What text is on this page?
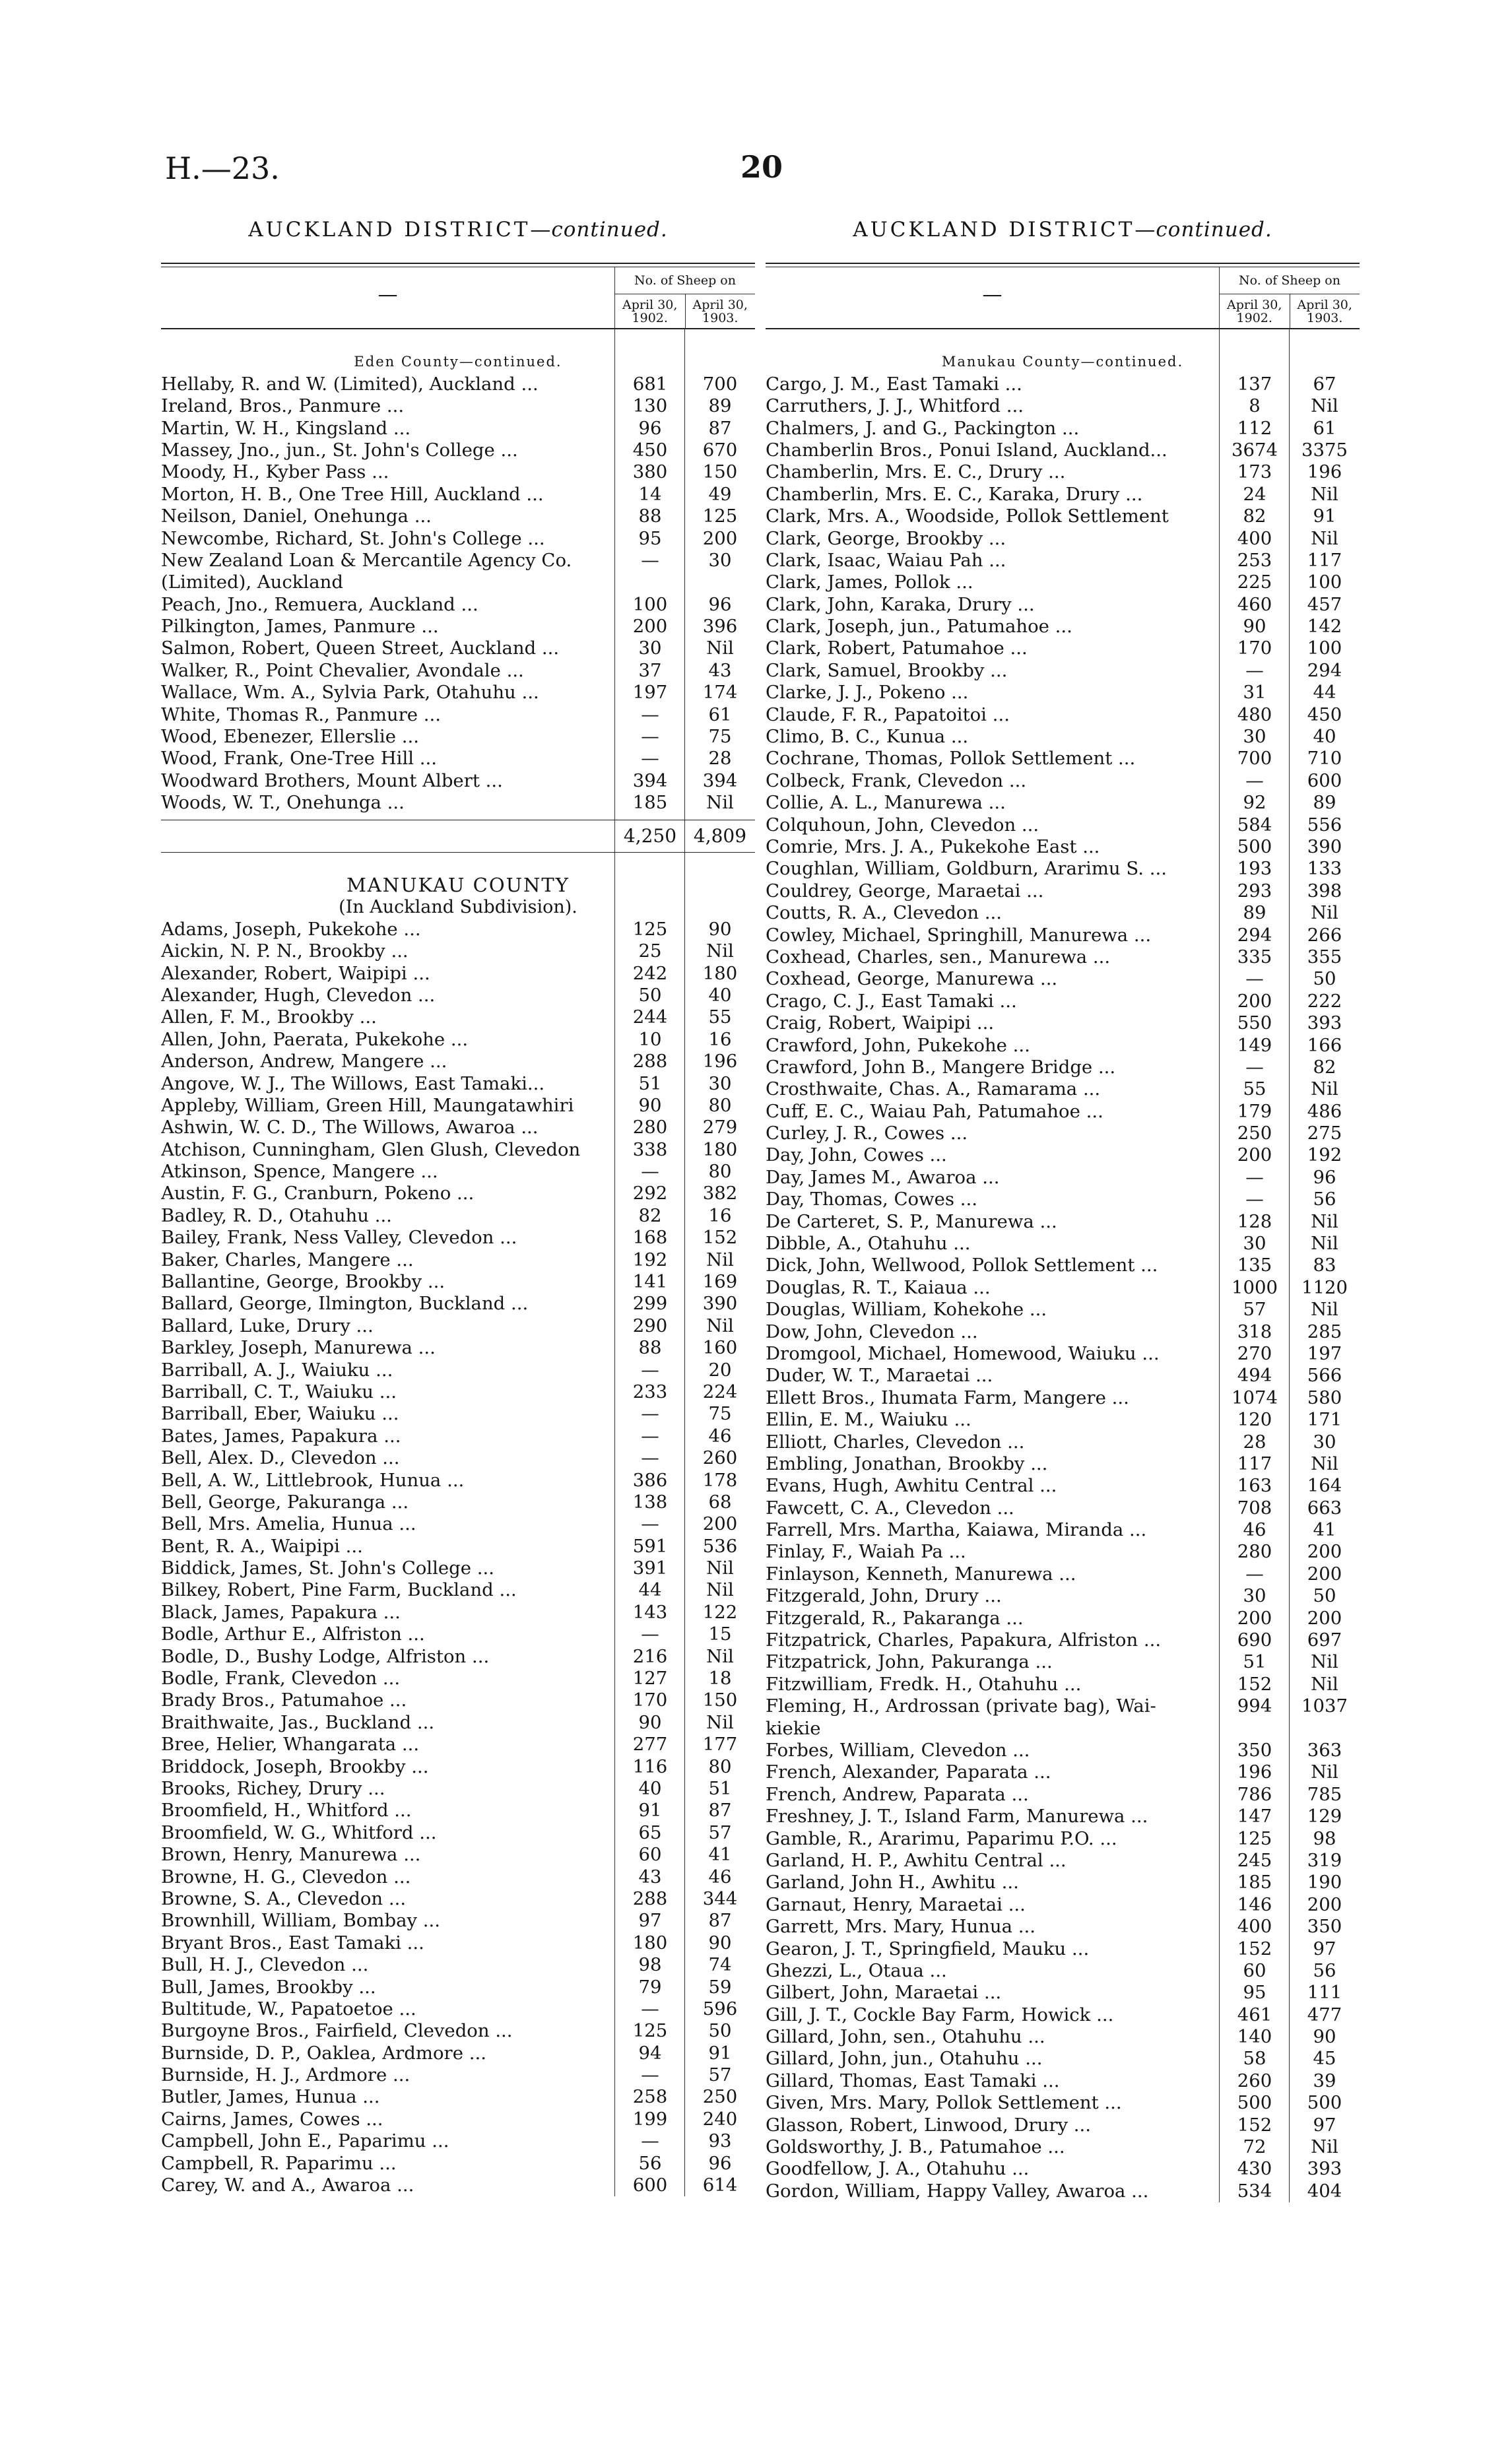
H.—23.	20
AUCKLAND DISTRICT—continued.
—
No. of Sheep on
April 30, 1902.
April 30, 1903.
Eden County—continued.
Hellaby, R. and W. (Limited), Auckland ...	681	700
Ireland, Bros., Panmure ...	130	89
Martin, W. H., Kingsland ...	96	87
Massey, Jno., jun., St. John's College ...	450	670
Moody, H., Kyber Pass ...	380	150
Morton, H. B., One Tree Hill, Auckland ...	14	49
Neilson, Daniel, Onehunga ...	88	125
Newcombe, Richard, St. John's College ...	95	200
New Zealand Loan & Mercantile Agency Co.	—	30
(Limited), Auckland
Peach, Jno., Remuera, Auckland ...	100	96
Pilkington, James, Panmure ...	200	396
Salmon, Robert, Queen Street, Auckland ...	30	Nil
Walker, R., Point Chevalier, Avondale ...	37	43
Wallace, Wm. A., Sylvia Park, Otahuhu ...	197	174
White, Thomas R., Panmure ...	—	61
Wood, Ebenezer, Ellerslie ...	—	75
Wood, Frank, One-Tree Hill ...	—	28
Woodward Brothers, Mount Albert ...	394	394
Woods, W. T., Onehunga ...	185	Nil
4,250 4,809
MANUKAU COUNTY
(In Auckland Subdivision).
Adams, Joseph, Pukekohe ...	125	90
Aickin, N. P. N., Brookby ...	25	Nil
Alexander, Robert, Waipipi ...	242	180
Alexander, Hugh, Clevedon ...	50	40
Allen, F. M., Brookby ...	244	55
Allen, John, Paerata, Pukekohe ...	10	16
Anderson, Andrew, Mangere ...	288	196
Angove, W. J., The Willows, East Tamaki...	51	30
Appleby, William, Green Hill, Maungatawhiri	90	80
Ashwin, W. C. D., The Willows, Awaroa ...	280	279
Atchison, Cunningham, Glen Glush, Clevedon	338	180
Atkinson, Spence, Mangere ...	—	80
Austin, F. G., Cranburn, Pokeno ...	292	382
Badley, R. D., Otahuhu ...	82	16
Bailey, Frank, Ness Valley, Clevedon ...	168	152
Baker, Charles, Mangere ...	192	Nil
Ballantine, George, Brookby ...	141	169
Ballard, George, Ilmington, Buckland ...	299	390
Ballard, Luke, Drury ...	290	Nil
Barkley, Joseph, Manurewa ...	88	160
Barriball, A. J., Waiuku ...	—	20
Barriball, C. T., Waiuku ...	233	224
Barriball, Eber, Waiuku ...	—	75
Bates, James, Papakura ...	—	46
Bell, Alex. D., Clevedon ...	—	260
Bell, A. W., Littlebrook, Hunua ...	386	178
Bell, George, Pakuranga ...	138	68
Bell, Mrs. Amelia, Hunua ...	—	200
Bent, R. A., Waipipi ...	591	536
Biddick, James, St. John's College ...	391	Nil
Bilkey, Robert, Pine Farm, Buckland ...	44	Nil
Black, James, Papakura ...	143	122
Bodle, Arthur E., Alfriston ...	—	15
Bodle, D., Bushy Lodge, Alfriston ...	216	Nil
Bodle, Frank, Clevedon ...	127	18
Brady Bros., Patumahoe ...	170	150
Braithwaite, Jas., Buckland ...	90	Nil
Bree, Helier, Whangarata ...	277	177
Briddock, Joseph, Brookby ...	116	80
Brooks, Richey, Drury ...	40	51
Broomfield, H., Whitford ...	91	87
Broomfield, W. G., Whitford ...	65	57
Brown, Henry, Manurewa ...	60	41
Browne, H. G., Clevedon ...	43	46
Browne, S. A., Clevedon ...	288	344
Brownhill, William, Bombay ...	97	87
Bryant Bros., East Tamaki ...	180	90
Bull, H. J., Clevedon ...	98	74
Bull, James, Brookby ...	79	59
Bultitude, W., Papatoetoe ...	—	596
Burgoyne Bros., Fairfield, Clevedon ...	125	50
Burnside, D. P., Oaklea, Ardmore ...	94	91
Burnside, H. J., Ardmore ...	—	57
Butler, James, Hunua ...	258	250
Cairns, James, Cowes ...	199	240
Campbell, John E., Paparimu ...	—	93
Campbell, R. Paparimu ...	56	96
Carey, W. and A., Awaroa ...	600	614
AUCKLAND DISTRICT—continued.
—
No. of Sheep on
April 30, 1902.
April 30, 1903.
Manukau County—continued.
Cargo, J. M., East Tamaki ...	137	67
Carruthers, J. J., Whitford ...	8	Nil
Chalmers, J. and G., Packington ...	112	61
Chamberlin Bros., Ponui Island, Auckland...	3674	3375
Chamberlin, Mrs. E. C., Drury ...	173	196
Chamberlin, Mrs. E. C., Karaka, Drury ...	24	Nil
Clark, Mrs. A., Woodside, Pollok Settlement	82	91
Clark, George, Brookby ...	400	Nil
Clark, Isaac, Waiau Pah ...	253	117
Clark, James, Pollok ...	225	100
Clark, John, Karaka, Drury ...	460	457
Clark, Joseph, jun., Patumahoe ...	90	142
Clark, Robert, Patumahoe ...	170	100
Clark, Samuel, Brookby ...	—	294
Clarke, J. J., Pokeno ...	31	44
Claude, F. R., Papatoitoi ...	480	450
Climo, B. C., Kunua ...	30	40
Cochrane, Thomas, Pollok Settlement ...	700	710
Colbeck, Frank, Clevedon ...	—	600
Collie, A. L., Manurewa ...	92	89
Colquhoun, John, Clevedon ...	584	556
Comrie, Mrs. J. A., Pukekohe East ...	500	390
Coughlan, William, Goldburn, Ararimu S. ...	193	133
Couldrey, George, Maraetai ...	293	398
Coutts, R. A., Clevedon ...	89	Nil
Cowley, Michael, Springhill, Manurewa ...	294	266
Coxhead, Charles, sen., Manurewa ...	335	355
Coxhead, George, Manurewa ...	—	50
Crago, C. J., East Tamaki ...	200	222
Craig, Robert, Waipipi ...	550	393
Crawford, John, Pukekohe ...	149	166
Crawford, John B., Mangere Bridge ...	—	82
Crosthwaite, Chas. A., Ramarama ...	55	Nil
Cuff, E. C., Waiau Pah, Patumahoe ...	179	486
Curley, J. R., Cowes ...	250	275
Day, John, Cowes ...	200	192
Day, James M., Awaroa ...	—	96
Day, Thomas, Cowes ...	—	56
De Carteret, S. P., Manurewa ...	128	Nil
Dibble, A., Otahuhu ...	30	Nil
Dick, John, Wellwood, Pollok Settlement ...	135	83
Douglas, R. T., Kaiaua ...	1000	1120
Douglas, William, Kohekohe ...	57	Nil
Dow, John, Clevedon ...	318	285
Dromgool, Michael, Homewood, Waiuku ...	270	197
Duder, W. T., Maraetai ...	494	566
Ellett Bros., Ihumata Farm, Mangere ...	1074	580
Ellin, E. M., Waiuku ...	120	171
Elliott, Charles, Clevedon ...	28	30
Embling, Jonathan, Brookby ...	117	Nil
Evans, Hugh, Awhitu Central ...	163	164
Fawcett, C. A., Clevedon ...	708	663
Farrell, Mrs. Martha, Kaiawa, Miranda ...	46	41
Finlay, F., Waiah Pa ...	280	200
Finlayson, Kenneth, Manurewa ...	—	200
Fitzgerald, John, Drury ...	30	50
Fitzgerald, R., Pakaranga ...	200	200
Fitzpatrick, Charles, Papakura, Alfriston ...	690	697
Fitzpatrick, John, Pakuranga ...	51	Nil
Fitzwilliam, Fredk. H., Otahuhu ...	152	Nil
Fleming, H., Ardrossan (private bag), Wai-	994	1037
kiekie
Forbes, William, Clevedon ...	350	363
French, Alexander, Paparata ...	196	Nil
French, Andrew, Paparata ...	786	785
Freshney, J. T., Island Farm, Manurewa ...	147	129
Gamble, R., Ararimu, Paparimu P.O. ...	125	98
Garland, H. P., Awhitu Central ...	245	319
Garland, John H., Awhitu ...	185	190
Garnaut, Henry, Maraetai ...	146	200
Garrett, Mrs. Mary, Hunua ...	400	350
Gearon, J. T., Springfield, Mauku ...	152	97
Ghezzi, L., Otaua ...	60	56
Gilbert, John, Maraetai ...	95	111
Gill, J. T., Cockle Bay Farm, Howick ...	461	477
Gillard, John, sen., Otahuhu ...	140	90
Gillard, John, jun., Otahuhu ...	58	45
Gillard, Thomas, East Tamaki ...	260	39
Given, Mrs. Mary, Pollok Settlement ...	500	500
Glasson, Robert, Linwood, Drury ...	152	97
Goldsworthy, J. B., Patumahoe ...	72	Nil
Goodfellow, J. A., Otahuhu ...	430	393
Gordon, William, Happy Valley, Awaroa ...	534	404
